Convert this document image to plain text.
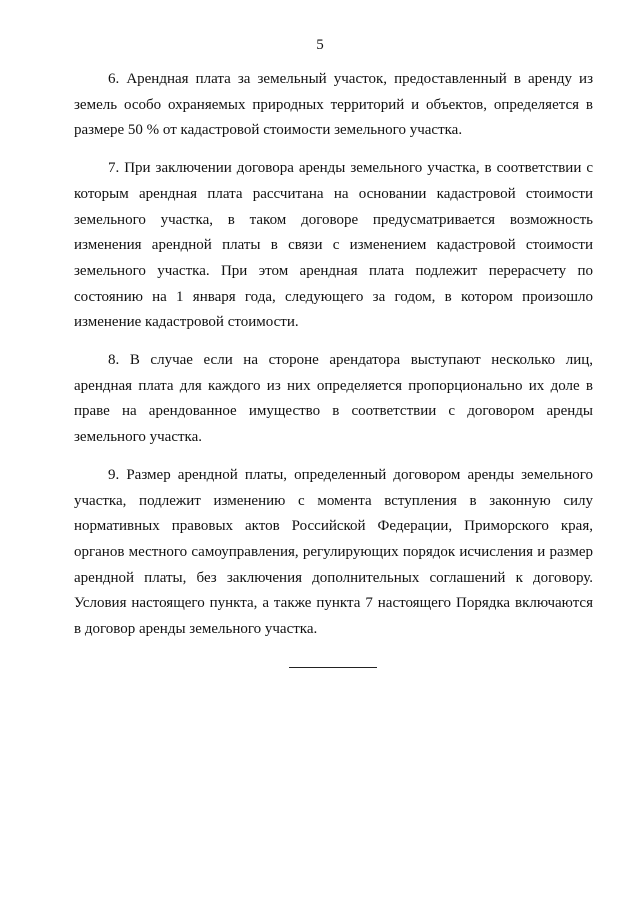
5

6. Арендная плата за земельный участок, предоставленный в аренду из земель особо охраняемых природных территорий и объектов, определяется в размере 50 % от кадастровой стоимости земельного участка.

7. При заключении договора аренды земельного участка, в соответствии с которым арендная плата рассчитана на основании кадастровой стоимости земельного участка, в таком договоре предусматривается возможность изменения арендной платы в связи с изменением кадастровой стоимости земельного участка. При этом арендная плата подлежит перерасчету по состоянию на 1 января года, следующего за годом, в котором произошло изменение кадастровой стоимости.

8. В случае если на стороне арендатора выступают несколько лиц, арендная плата для каждого из них определяется пропорционально их доле в праве на арендованное имущество в соответствии с договором аренды земельного участка.

9. Размер арендной платы, определенный договором аренды земельного участка, подлежит изменению с момента вступления в законную силу нормативных правовых актов Российской Федерации, Приморского края, органов местного самоуправления, регулирующих порядок исчисления и размер арендной платы, без заключения дополнительных соглашений к договору. Условия настоящего пункта, а также пункта 7 настоящего Порядка включаются в договор аренды земельного участка.
